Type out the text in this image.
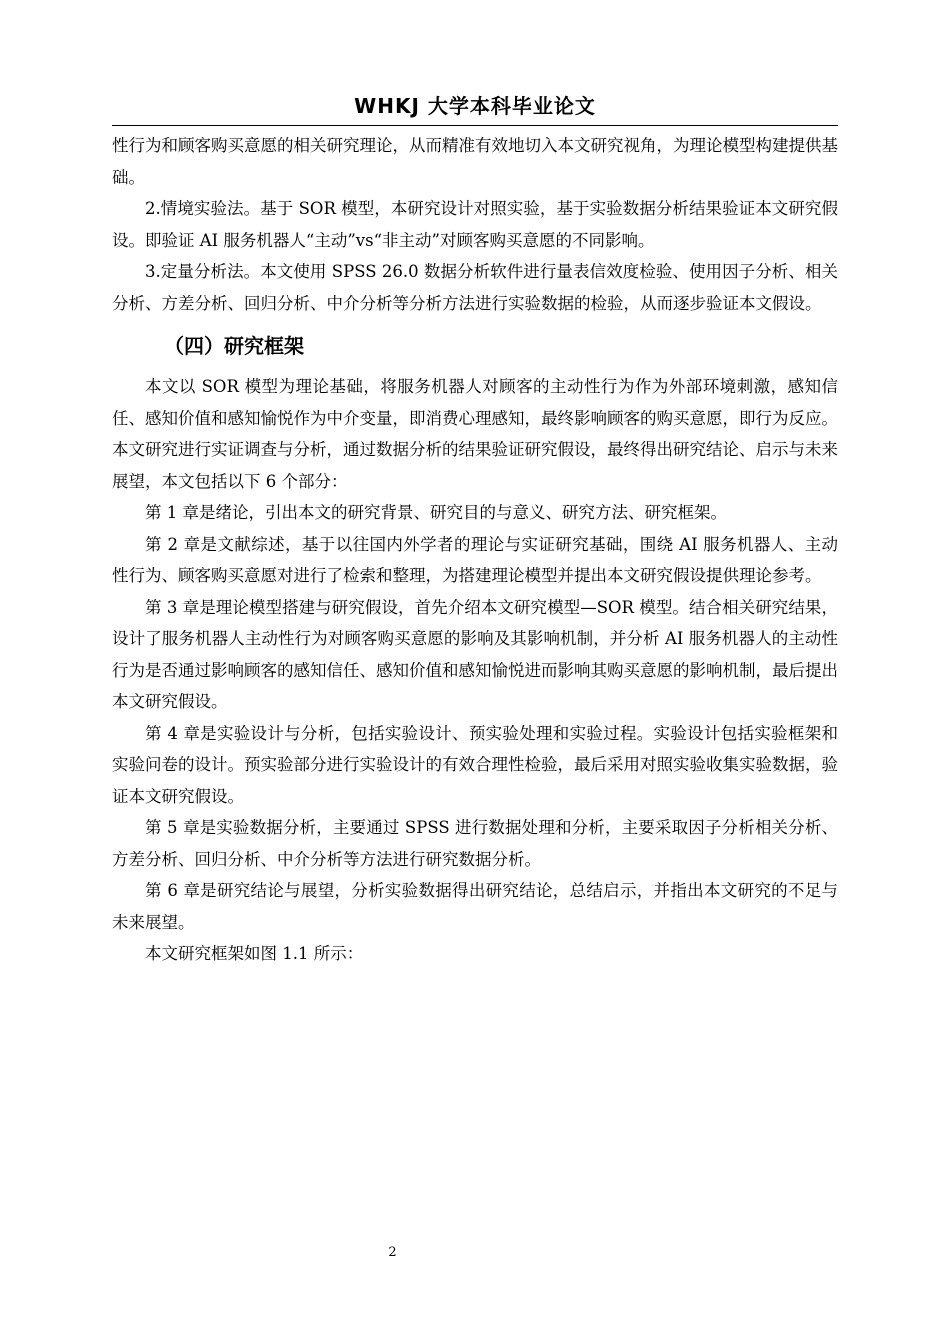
WHKJ 大学本科毕业论文

性行为和顾客购买意愿的相关研究理论，从而精准有效地切入本文研究视角，为理论模型构建提供基础。

2.情境实验法。基于 SOR 模型，本研究设计对照实验，基于实验数据分析结果验证本文研究假设。即验证 AI 服务机器人“主动”vs“非主动”对顾客购买意愿的不同影响。

3.定量分析法。本文使用 SPSS 26.0 数据分析软件进行量表信效度检验、使用因子分析、相关分析、方差分析、回归分析、中介分析等分析方法进行实验数据的检验，从而逐步验证本文假设。

（四）研究框架

本文以 SOR 模型为理论基础，将服务机器人对顾客的主动性行为作为外部环境刺激，感知信任、感知价值和感知愉悦作为中介变量，即消费心理感知，最终影响顾客的购买意愿，即行为反应。本文研究进行实证调查与分析，通过数据分析的结果验证研究假设，最终得出研究结论、启示与未来展望，本文包括以下 6 个部分：

第 1 章是绪论，引出本文的研究背景、研究目的与意义、研究方法、研究框架。

第 2 章是文献综述，基于以往国内外学者的理论与实证研究基础，围绕 AI 服务机器人、主动性行为、顾客购买意愿对进行了检索和整理，为搭建理论模型并提出本文研究假设提供理论参考。

第 3 章是理论模型搭建与研究假设，首先介绍本文研究模型—SOR 模型。结合相关研究结果，设计了服务机器人主动性行为对顾客购买意愿的影响及其影响机制，并分析 AI 服务机器人的主动性行为是否通过影响顾客的感知信任、感知价值和感知愉悦进而影响其购买意愿的影响机制，最后提出本文研究假设。

第 4 章是实验设计与分析，包括实验设计、预实验处理和实验过程。实验设计包括实验框架和实验问卷的设计。预实验部分进行实验设计的有效合理性检验，最后采用对照实验收集实验数据，验证本文研究假设。

第 5 章是实验数据分析，主要通过 SPSS 进行数据处理和分析，主要采取因子分析相关分析、方差分析、回归分析、中介分析等方法进行研究数据分析。

第 6 章是研究结论与展望，分析实验数据得出研究结论，总结启示，并指出本文研究的不足与未来展望。

本文研究框架如图 1.1 所示：

2
